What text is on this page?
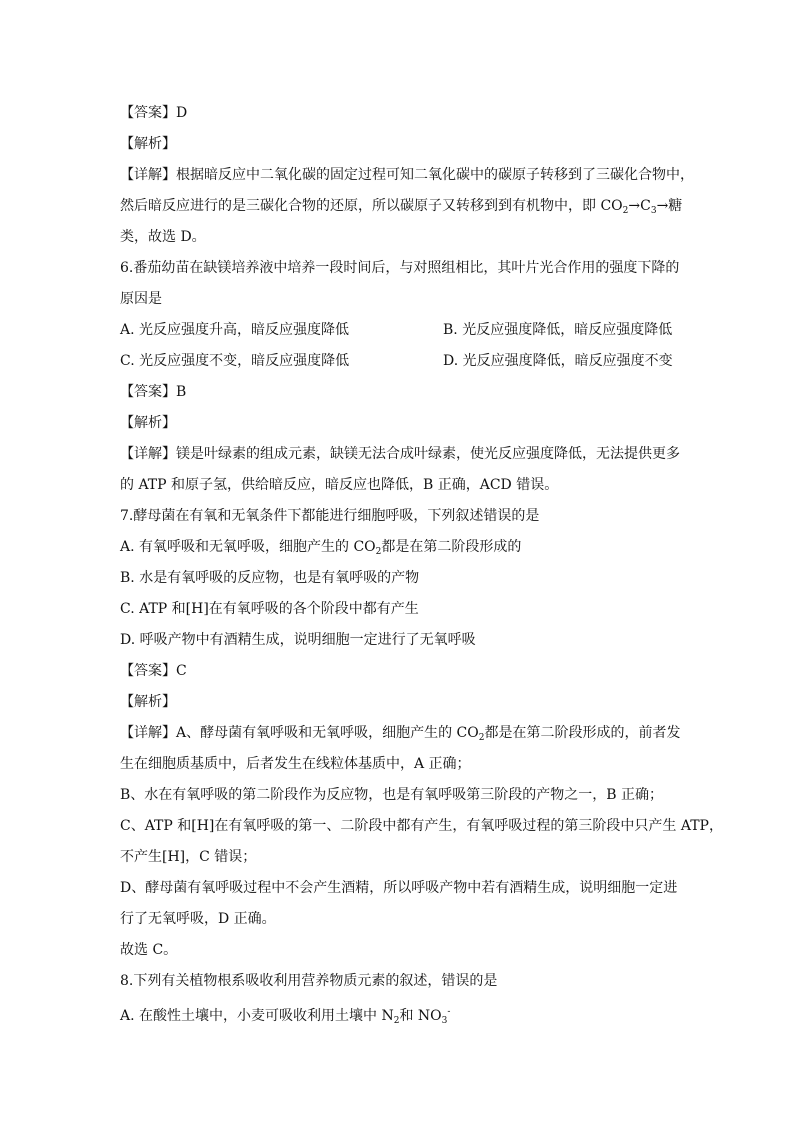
【答案】D
【解析】
【详解】根据暗反应中二氧化碳的固定过程可知二氧化碳中的碳原子转移到了三碳化合物中，
然后暗反应进行的是三碳化合物的还原，所以碳原子又转移到到有机物中，即 $CO_2\to C_3\to$糖
类，故选 D。
6.番茄幼苗在缺镁培养液中培养一段时间后，与对照组相比，其叶片光合作用的强度下降的
原因是
A. 光反应强度升高，暗反应强度降低	B. 光反应强度降低，暗反应强度降低
C. 光反应强度不变，暗反应强度降低	D. 光反应强度降低，暗反应强度不变
【答案】B
【解析】
【详解】镁是叶绿素的组成元素，缺镁无法合成叶绿素，使光反应强度降低，无法提供更多
的 ATP 和原子氢，供给暗反应，暗反应也降低，B 正确，ACD 错误。
7.酵母菌在有氧和无氧条件下都能进行细胞呼吸，下列叙述错误的是
A. 有氧呼吸和无氧呼吸，细胞产生的 $CO_2$都是在第二阶段形成的
B. 水是有氧呼吸的反应物，也是有氧呼吸的产物
C. ATP 和[H]在有氧呼吸的各个阶段中都有产生
D. 呼吸产物中有酒精生成，说明细胞一定进行了无氧呼吸
【答案】C
【解析】
【详解】A、酵母菌有氧呼吸和无氧呼吸，细胞产生的 $CO_2$都是在第二阶段形成的，前者发
生在细胞质基质中，后者发生在线粒体基质中，A 正确；
B、水在有氧呼吸的第二阶段作为反应物，也是有氧呼吸第三阶段的产物之一，B 正确；
C、ATP 和[H]在有氧呼吸的第一、二阶段中都有产生，有氧呼吸过程的第三阶段中只产生 ATP，
不产生[H]，C 错误；
D、酵母菌有氧呼吸过程中不会产生酒精，所以呼吸产物中若有酒精生成，说明细胞一定进
行了无氧呼吸，D 正确。
故选 C。
8.下列有关植物根系吸收利用营养物质元素的叙述，错误的是
A. 在酸性土壤中，小麦可吸收利用土壤中 $N_2$和 $NO_3^-$
